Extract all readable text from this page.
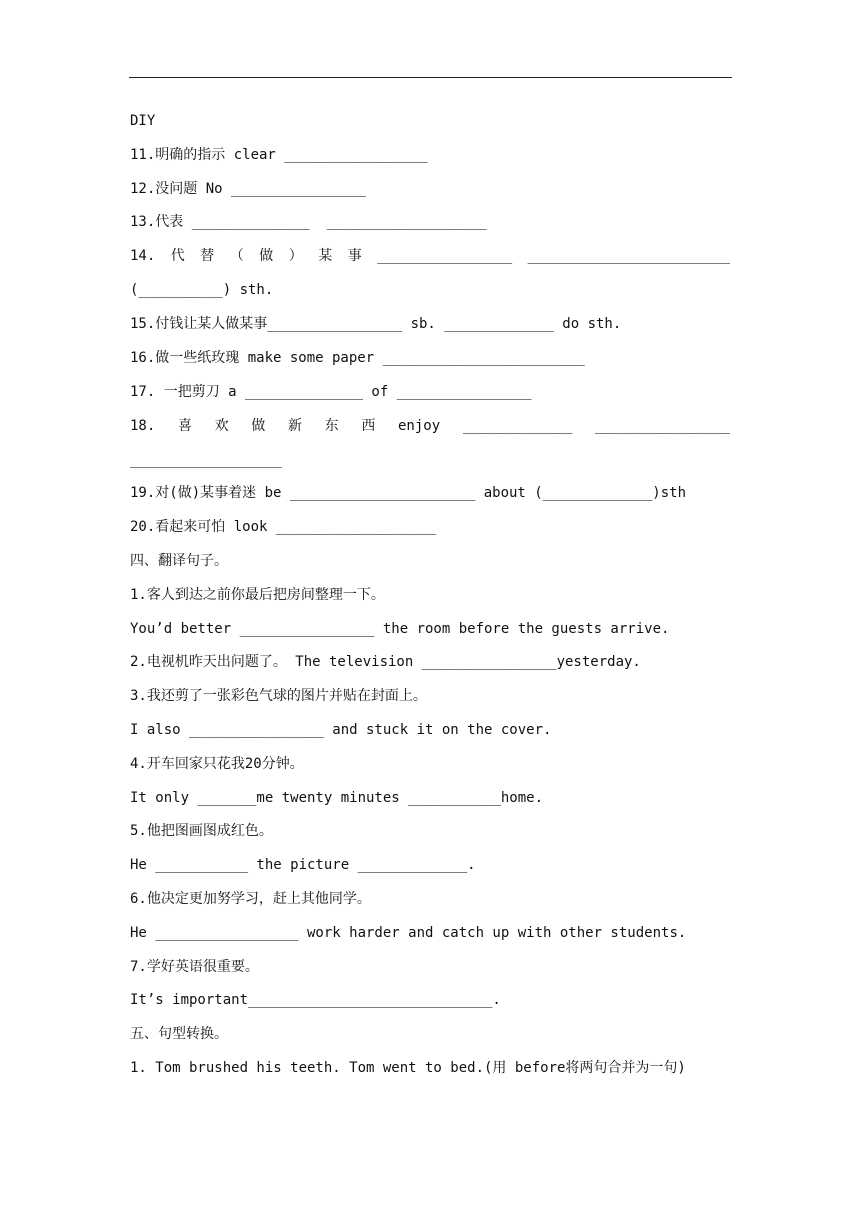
DIY
11.明确的指示 clear _________________
12.没问题 No ________________
13.代表 ______________  ___________________
14. 代 替 （ 做 ） 某 事 ________________ ________________________
(__________) sth.
15.付钱让某人做某事________________ sb. _____________ do sth.
16.做一些纸玫瑰 make some paper ________________________
17. 一把剪刀 a ______________ of ________________
18. 喜 欢 做 新 东 西 enjoy _____________ ________________
__________________
19.对(做)某事着迷 be ______________________ about (_____________)sth
20.看起来可怕 look ___________________
四、翻译句子。
1.客人到达之前你最后把房间整理一下。
You’d better ________________ the room before the guests arrive.
2.电视机昨天出问题了。 The television ________________yesterday.
3.我还剪了一张彩色气球的图片并贴在封面上。
I also ________________ and stuck it on the cover.
4.开车回家只花我20分钟。
It only _______me twenty minutes ___________home.
5.他把图画图成红色。
He ___________ the picture _____________.
6.他决定更加努学习，赶上其他同学。
He _________________ work harder and catch up with other students.
7.学好英语很重要。
It’s important_____________________________.
五、句型转换。
1. Tom brushed his teeth. Tom went to bed.(用 before将两句合并为一句)
